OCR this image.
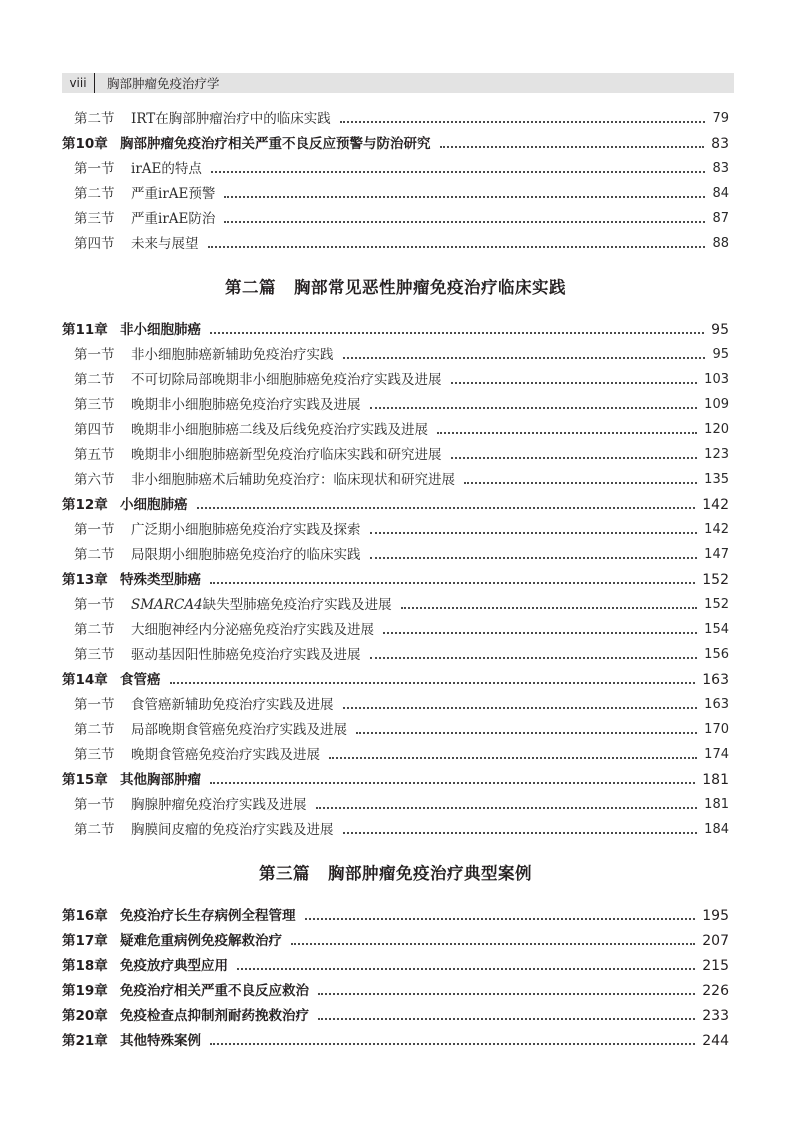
viii	胸部肿瘤免疫治疗学
第二节	IRT在胸部肿瘤治疗中的临床实践	79
第10章 胸部肿瘤免疫治疗相关严重不良反应预警与防治研究	83
第一节	irAE的特点	83
第二节	严重irAE预警	84
第三节	严重irAE防治	87
第四节	未来与展望	88
第二篇 胸部常见恶性肿瘤免疫治疗临床实践
第11章 非小细胞肺癌	95
第一节	非小细胞肺癌新辅助免疫治疗实践	95
第二节	不可切除局部晚期非小细胞肺癌免疫治疗实践及进展	103
第三节	晚期非小细胞肺癌免疫治疗实践及进展	109
第四节	晚期非小细胞肺癌二线及后线免疫治疗实践及进展	120
第五节	晚期非小细胞肺癌新型免疫治疗临床实践和研究进展	123
第六节	非小细胞肺癌术后辅助免疫治疗：临床现状和研究进展	135
第12章 小细胞肺癌	142
第一节	广泛期小细胞肺癌免疫治疗实践及探索	142
第二节	局限期小细胞肺癌免疫治疗的临床实践	147
第13章 特殊类型肺癌	152
第一节	SMARCA4缺失型肺癌免疫治疗实践及进展	152
第二节	大细胞神经内分泌癌免疫治疗实践及进展	154
第三节	驱动基因阳性肺癌免疫治疗实践及进展	156
第14章 食管癌	163
第一节	食管癌新辅助免疫治疗实践及进展	163
第二节	局部晚期食管癌免疫治疗实践及进展	170
第三节	晚期食管癌免疫治疗实践及进展	174
第15章 其他胸部肿瘤	181
第一节	胸腺肿瘤免疫治疗实践及进展	181
第二节	胸膜间皮瘤的免疫治疗实践及进展	184
第三篇 胸部肿瘤免疫治疗典型案例
第16章 免疫治疗长生存病例全程管理	195
第17章 疑难危重病例免疫解救治疗	207
第18章 免疫放疗典型应用	215
第19章 免疫治疗相关严重不良反应救治	226
第20章 免疫检查点抑制剂耐药挽救治疗	233
第21章 其他特殊案例	244
